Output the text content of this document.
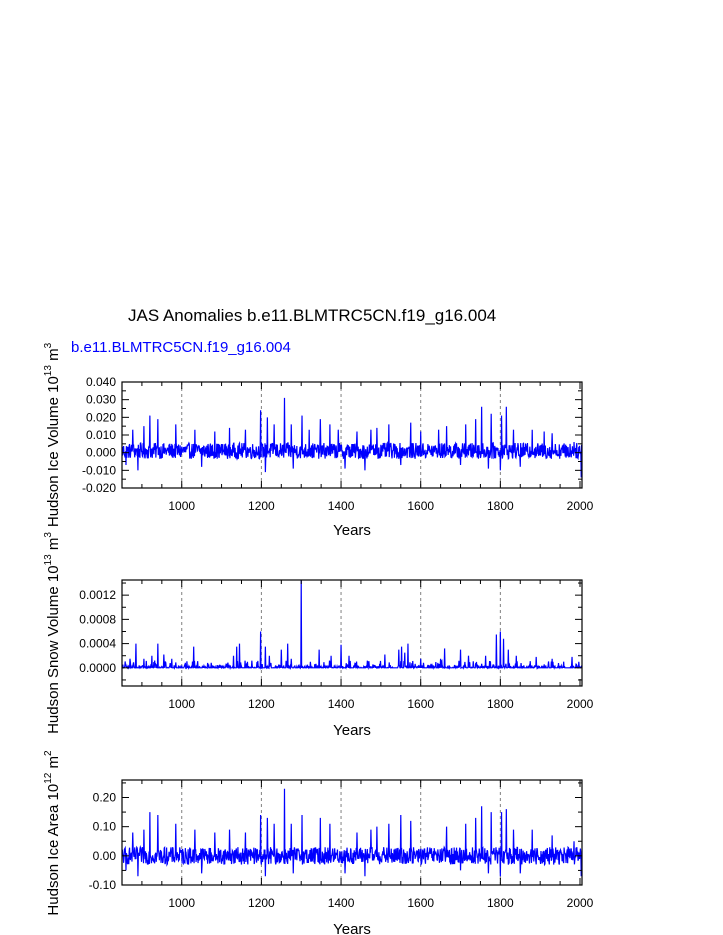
JAS Anomalies b.e11.BLMTRC5CN.f19_g16.004
b.e11.BLMTRC5CN.f19_g16.004
1000	1200	1400	1600	1800	2000
-0.020
-0.010
0.000
0.010
0.020
0.030
0.040
Years
Hudson Ice Volume $10^{13}$ $m^3$
1000	1200	1400	1600	1800	2000
0.0000
0.0004
0.0008
0.0012
Years
Hudson Snow Volume $10^{13}$ $m^3$
1000	1200	1400	1600	1800	2000
-0.10
0.00
0.10
0.20
Years
Hudson Ice Area $10^{12}$ $m^2$
